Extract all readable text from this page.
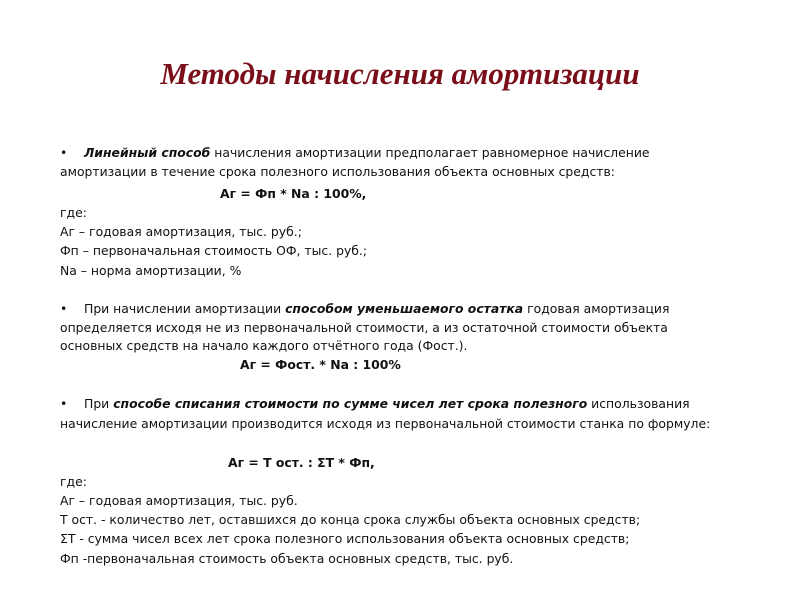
Методы начисления амортизации
• Линейный способ начисления амортизации предполагает равномерное начисление
амортизации в течение срока полезного использования объекта основных средств:
Аг = Фп * Na : 100%,
где:
Аг – годовая амортизация, тыс. руб.;
Фп – первоначальная стоимость ОФ, тыс. руб.;
Na – норма амортизации, %
• При начислении амортизации способом уменьшаемого остатка годовая амортизация
определяется исходя не из первоначальной стоимости, а из остаточной стоимости объекта
основных средств на начало каждого отчётного года (Фост.).
Аг = Фост. * Na : 100%
• При способе списания стоимости по сумме чисел лет срока полезного использования
начисление амортизации производится исходя из первоначальной стоимости станка по формуле:
Аг = Т ост. : ΣТ * Фп,
где:
Аг – годовая амортизация, тыс. руб.
Т ост. - количество лет, оставшихся до конца срока службы объекта основных средств;
ΣТ - сумма чисел всех лет срока полезного использования объекта основных средств;
Фп -первоначальная стоимость объекта основных средств, тыс. руб.
